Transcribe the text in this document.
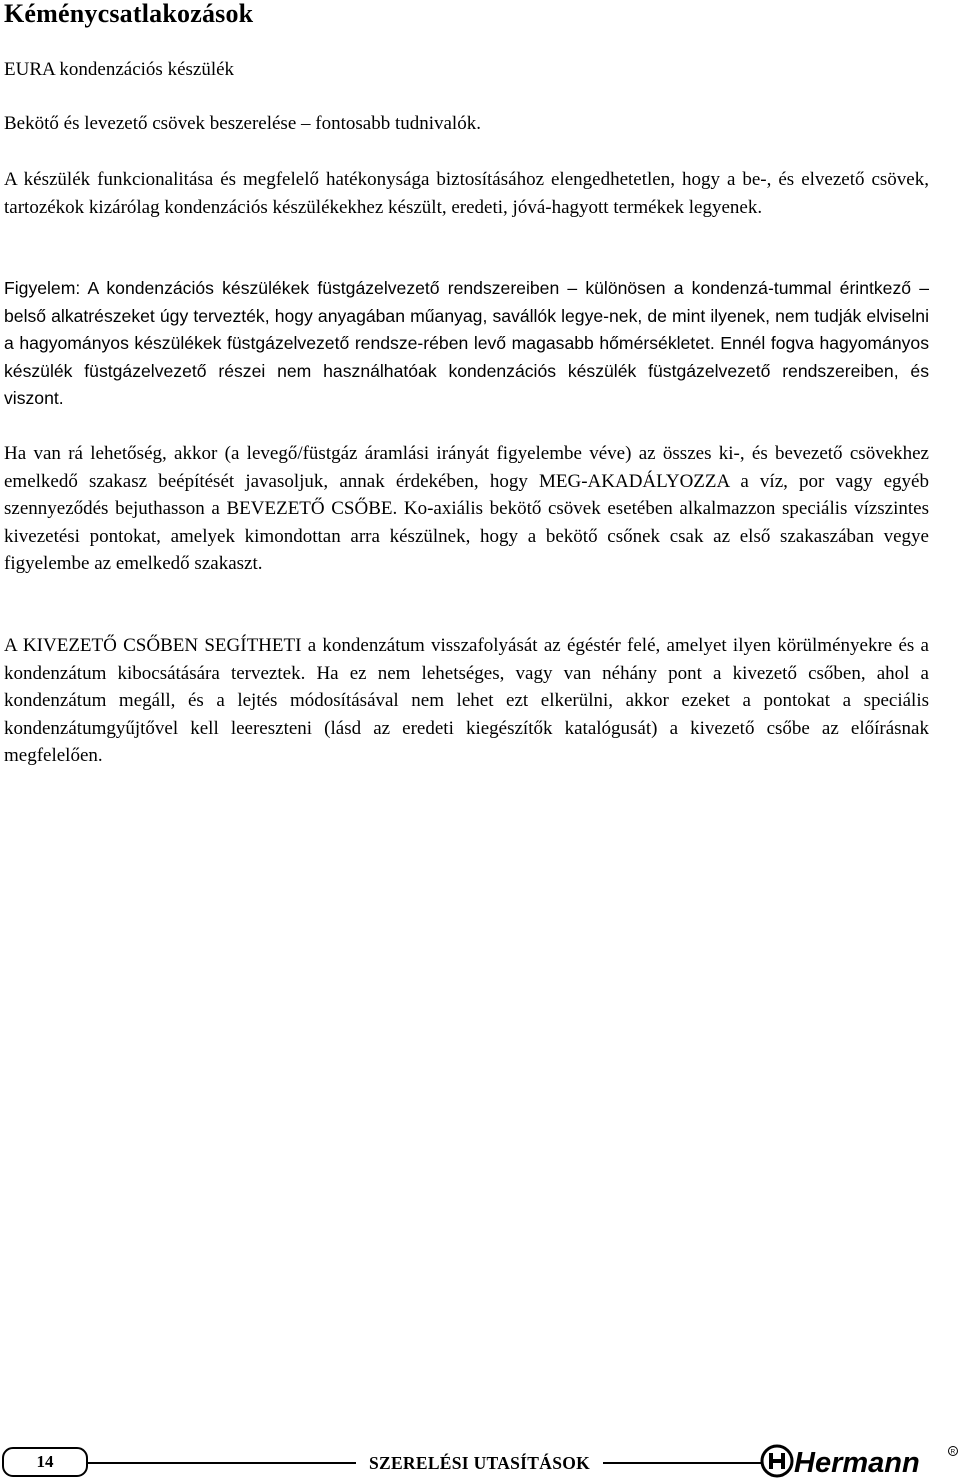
Kéménycsatlakozások

EURA kondenzációs készülék

Bekötő és levezető csövek beszerelése – fontosabb tudnivalók.

A készülék funkcionalitása és megfelelő hatékonysága biztosításához elengedhetetlen, hogy a be-, és elvezető csövek, tartozékok kizárólag kondenzációs készülékekhez készült, eredeti, jóvá-hagyott termékek legyenek.

Figyelem: A kondenzációs készülékek füstgázelvezető rendszereiben – különösen a kondenzá-tummal érintkező – belső alkatrészeket úgy tervezték, hogy anyagában műanyag, savállók legye-nek, de mint ilyenek, nem tudják elviselni a hagyományos készülékek füstgázelvezető rendsze-rében levő magasabb hőmérsékletet. Ennél fogva hagyományos készülék füstgázelvezető részei nem használhatóak kondenzációs készülék füstgázelvezető rendszereiben, és viszont.

Ha van rá lehetőség, akkor (a levegő/füstgáz áramlási irányát figyelembe véve) az összes ki-, és bevezető csövekhez emelkedő szakasz beépítését javasoljuk, annak érdekében, hogy MEG-AKADÁLYOZZA a víz, por vagy egyéb szennyeződés bejuthasson a BEVEZETŐ CSŐBE. Ko-axiális bekötő csövek esetében alkalmazzon speciális vízszintes kivezetési pontokat, amelyek kimondottan arra készülnek, hogy a bekötő csőnek csak az első szakaszában vegye figyelembe az emelkedő szakaszt.

A KIVEZETŐ CSŐBEN SEGÍTHETI a kondenzátum visszafolyását az égéstér felé, amelyet ilyen körülményekre és a kondenzátum kibocsátására terveztek. Ha ez nem lehetséges, vagy van néhány pont a kivezető csőben, ahol a kondenzátum megáll, és a lejtés módosításával nem lehet ezt elkerülni, akkor ezeket a pontokat a speciális kondenzátumgyűjtővel kell leereszteni (lásd az eredeti kiegészítők katalógusát) a kivezető csőbe az előírásnak megfelelően.

14	SZERELÉSI UTASÍTÁSOK	Hermann	R
